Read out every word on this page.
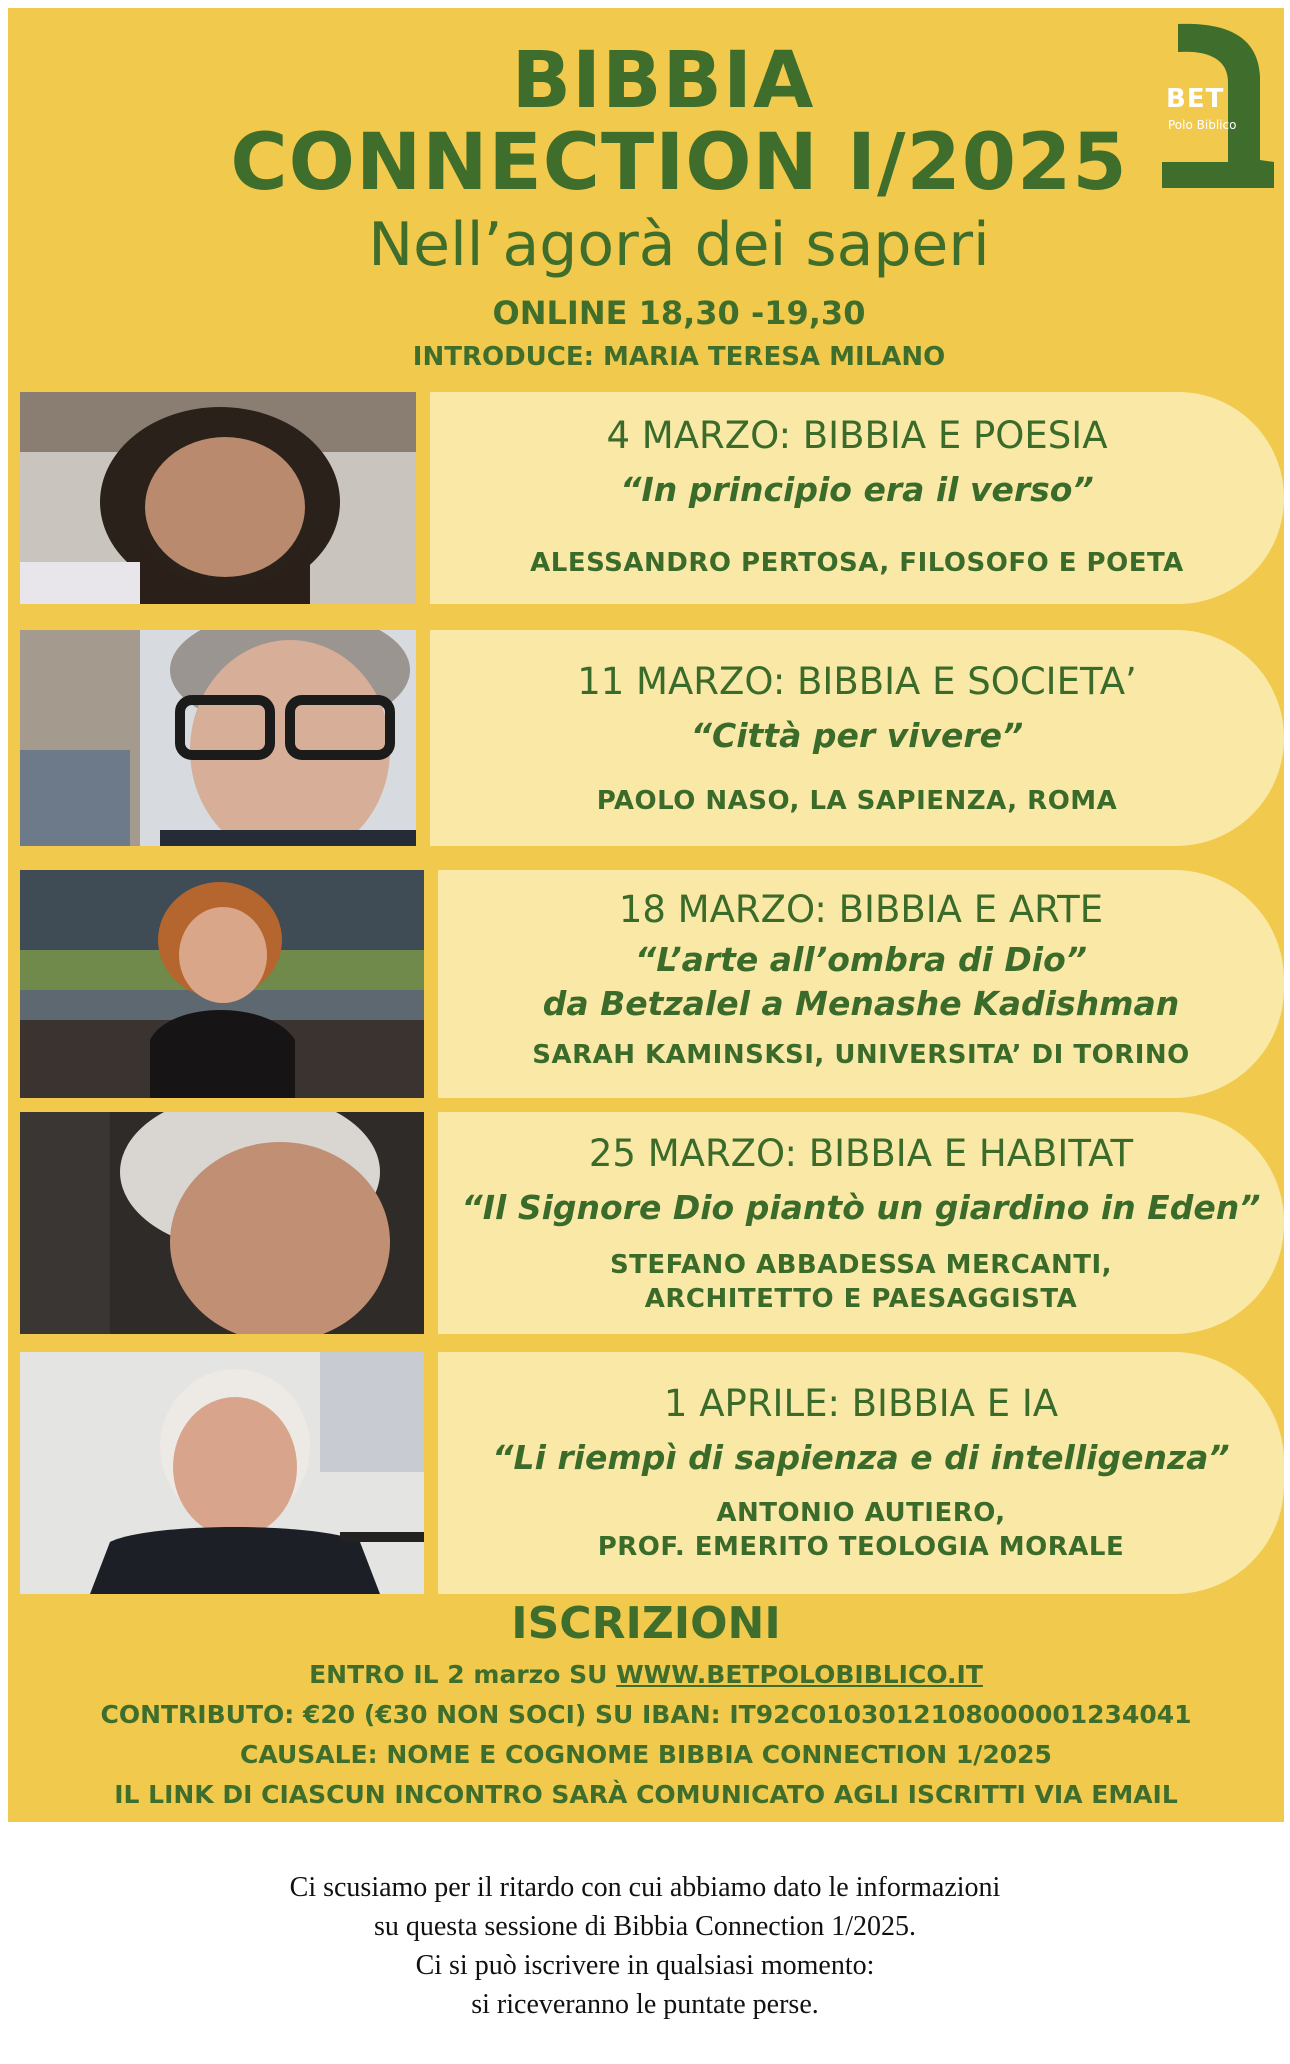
BIBBIA
CONNECTION I/2025
Nell’agorà dei saperi
ONLINE 18,30 -19,30
INTRODUCE: MARIA TERESA MILANO
BET
Polo Biblico
4 MARZO: BIBBIA E POESIA
“In principio era il verso”
ALESSANDRO PERTOSA, FILOSOFO E POETA
11 MARZO: BIBBIA E SOCIETA’
“Città per vivere”
PAOLO NASO, LA SAPIENZA, ROMA
18 MARZO: BIBBIA E ARTE
“L’arte all’ombra di Dio”
da Betzalel a Menashe Kadishman
SARAH KAMINSKSI, UNIVERSITA’ DI TORINO
25 MARZO: BIBBIA E HABITAT
“Il Signore Dio piantò un giardino in Eden”
STEFANO ABBADESSA MERCANTI,
ARCHITETTO E PAESAGGISTA
1 APRILE: BIBBIA E IA
“Li riempì di sapienza e di intelligenza”
ANTONIO AUTIERO,
PROF. EMERITO TEOLOGIA MORALE
ISCRIZIONI
ENTRO IL 2 marzo SU WWW.BETPOLOBIBLICO.IT
CONTRIBUTO: €20 (€30 NON SOCI) SU IBAN: IT92C0103012108000001234041
CAUSALE: NOME E COGNOME BIBBIA CONNECTION 1/2025
IL LINK DI CIASCUN INCONTRO SARÀ COMUNICATO AGLI ISCRITTI VIA EMAIL
Ci scusiamo per il ritardo con cui abbiamo dato le informazioni
su questa sessione di Bibbia Connection 1/2025.
Ci si può iscrivere in qualsiasi momento:
si riceveranno le puntate perse.
